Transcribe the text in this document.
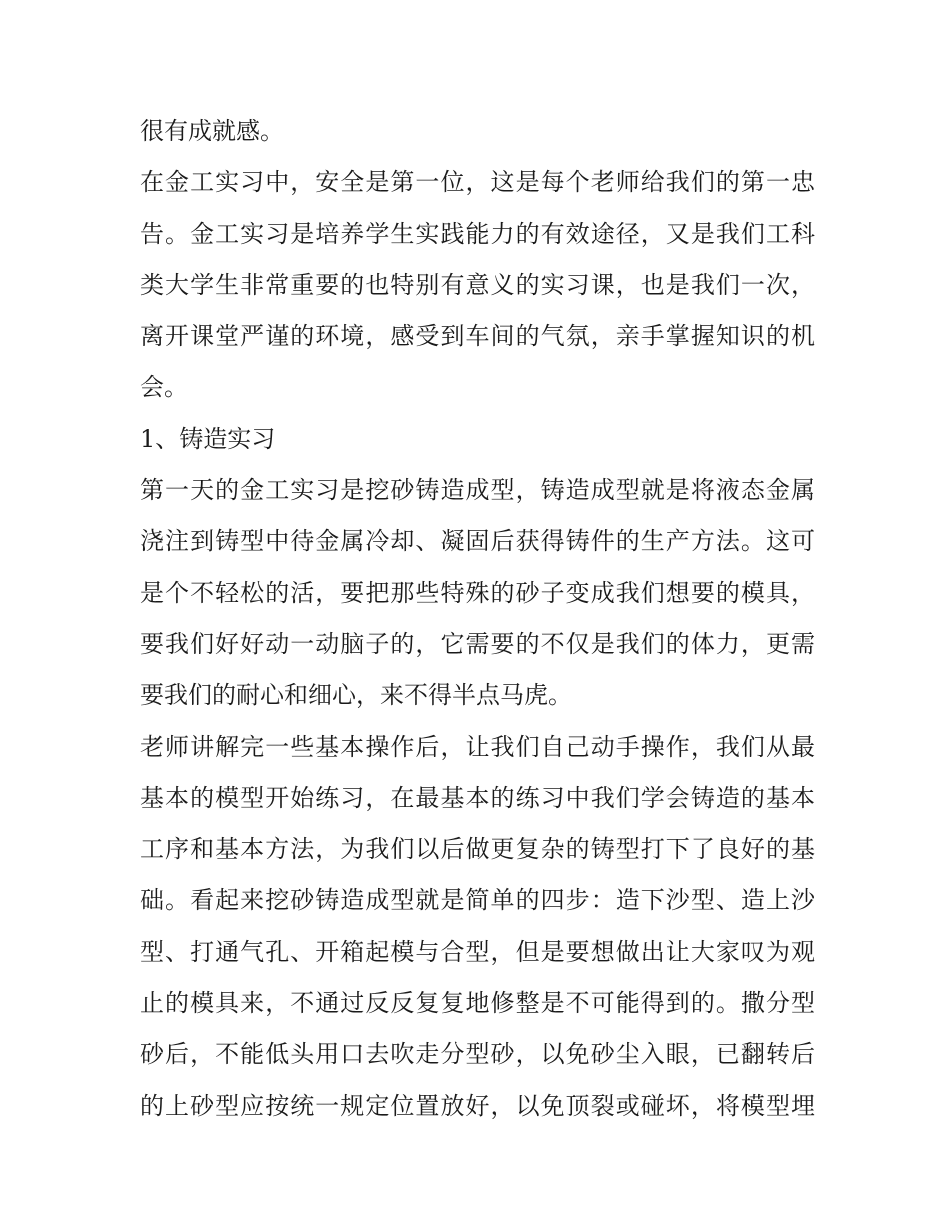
很有成就感。
在金工实习中，安全是第一位，这是每个老师给我们的第一忠
告。金工实习是培养学生实践能力的有效途径，又是我们工科
类大学生非常重要的也特别有意义的实习课，也是我们一次，
离开课堂严谨的环境，感受到车间的气氛，亲手掌握知识的机
会。
1、铸造实习
第一天的金工实习是挖砂铸造成型，铸造成型就是将液态金属
浇注到铸型中待金属冷却、凝固后获得铸件的生产方法。这可
是个不轻松的活，要把那些特殊的砂子变成我们想要的模具，
要我们好好动一动脑子的，它需要的不仅是我们的体力，更需
要我们的耐心和细心，来不得半点马虎。
老师讲解完一些基本操作后，让我们自己动手操作，我们从最
基本的模型开始练习，在最基本的练习中我们学会铸造的基本
工序和基本方法，为我们以后做更复杂的铸型打下了良好的基
础。看起来挖砂铸造成型就是简单的四步：造下沙型、造上沙
型、打通气孔、开箱起模与合型，但是要想做出让大家叹为观
止的模具来，不通过反反复复地修整是不可能得到的。撒分型
砂后，不能低头用口去吹走分型砂，以免砂尘入眼，已翻转后
的上砂型应按统一规定位置放好，以免顶裂或碰坏，将模型埋
